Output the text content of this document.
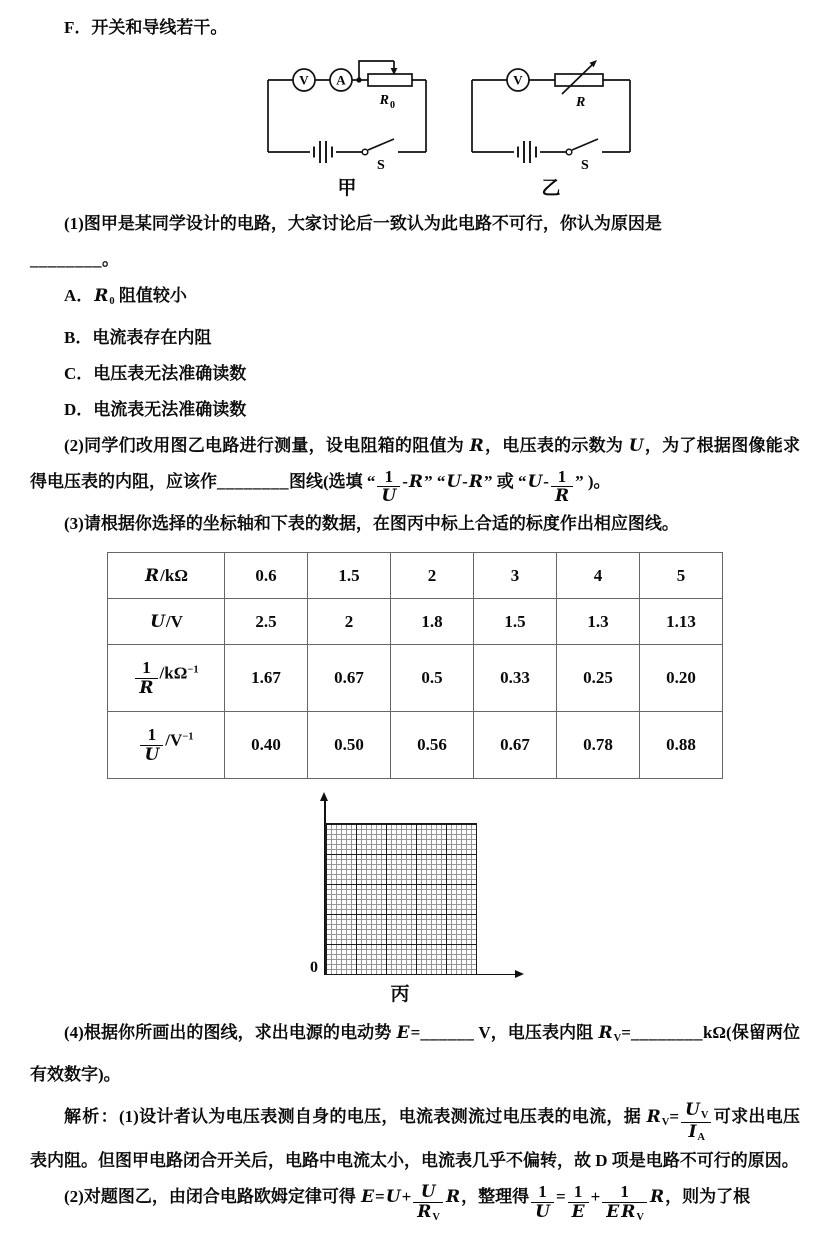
F．开关和导线若干。

V A
R 0
S
甲
V
R
S
乙

(1)图甲是某同学设计的电路，大家讨论后一致认为此电路不可行，你认为原因是

________。

A．$R_0$ 阻值较小

B．电流表存在内阻

C．电压表无法准确读数

D．电流表无法准确读数

(2)同学们改用图乙电路进行测量，设电阻箱的阻值为 R，电压表的示数为 U，为了根据图像能求得电压表的内阻，应该作________图线(选填 “ $\frac{1}{U} -R$” “U-R” 或 “$U- \frac{1}{R}$ ” )。

(3)请根据你选择的坐标轴和下表的数据，在图丙中标上合适的标度作出相应图线。

R/kΩ	0.6	1.5	2	3	4	5
U/V	2.5	2	1.8	1.5	1.3	1.13

$\frac{1}{R} /k\Omega^{-1}$	1.67	0.67	0.5	0.33	0.25	0.20

$\frac{1}{U} /V^{-1}$	0.40	0.50	0.56	0.67	0.78	0.88
0
丙

(4)根据你所画出的图线，求出电源的电动势 E=______ V，电压表内阻 $R_V=\_\_\_\_\_\_\_\_k\Omega$(保留两位有效数字)。

解析：(1)设计者认为电压表测自身的电压，电流表测流过电压表的电流，据 $R_V= \frac{U_V}{I_A}$ 可求出电压表内阻。但图甲电路闭合开关后，电路中电流太小，电流表几乎不偏转，故 D 项是电路不可行的原因。

(2)对题图乙，由闭合电路欧姆定律可得 $E=U+ \frac{U}{R_V}$ R，整理得 $\frac{1}{U} = \frac{1}{E} + \frac{1}{E R_V}$ R，则为了根
